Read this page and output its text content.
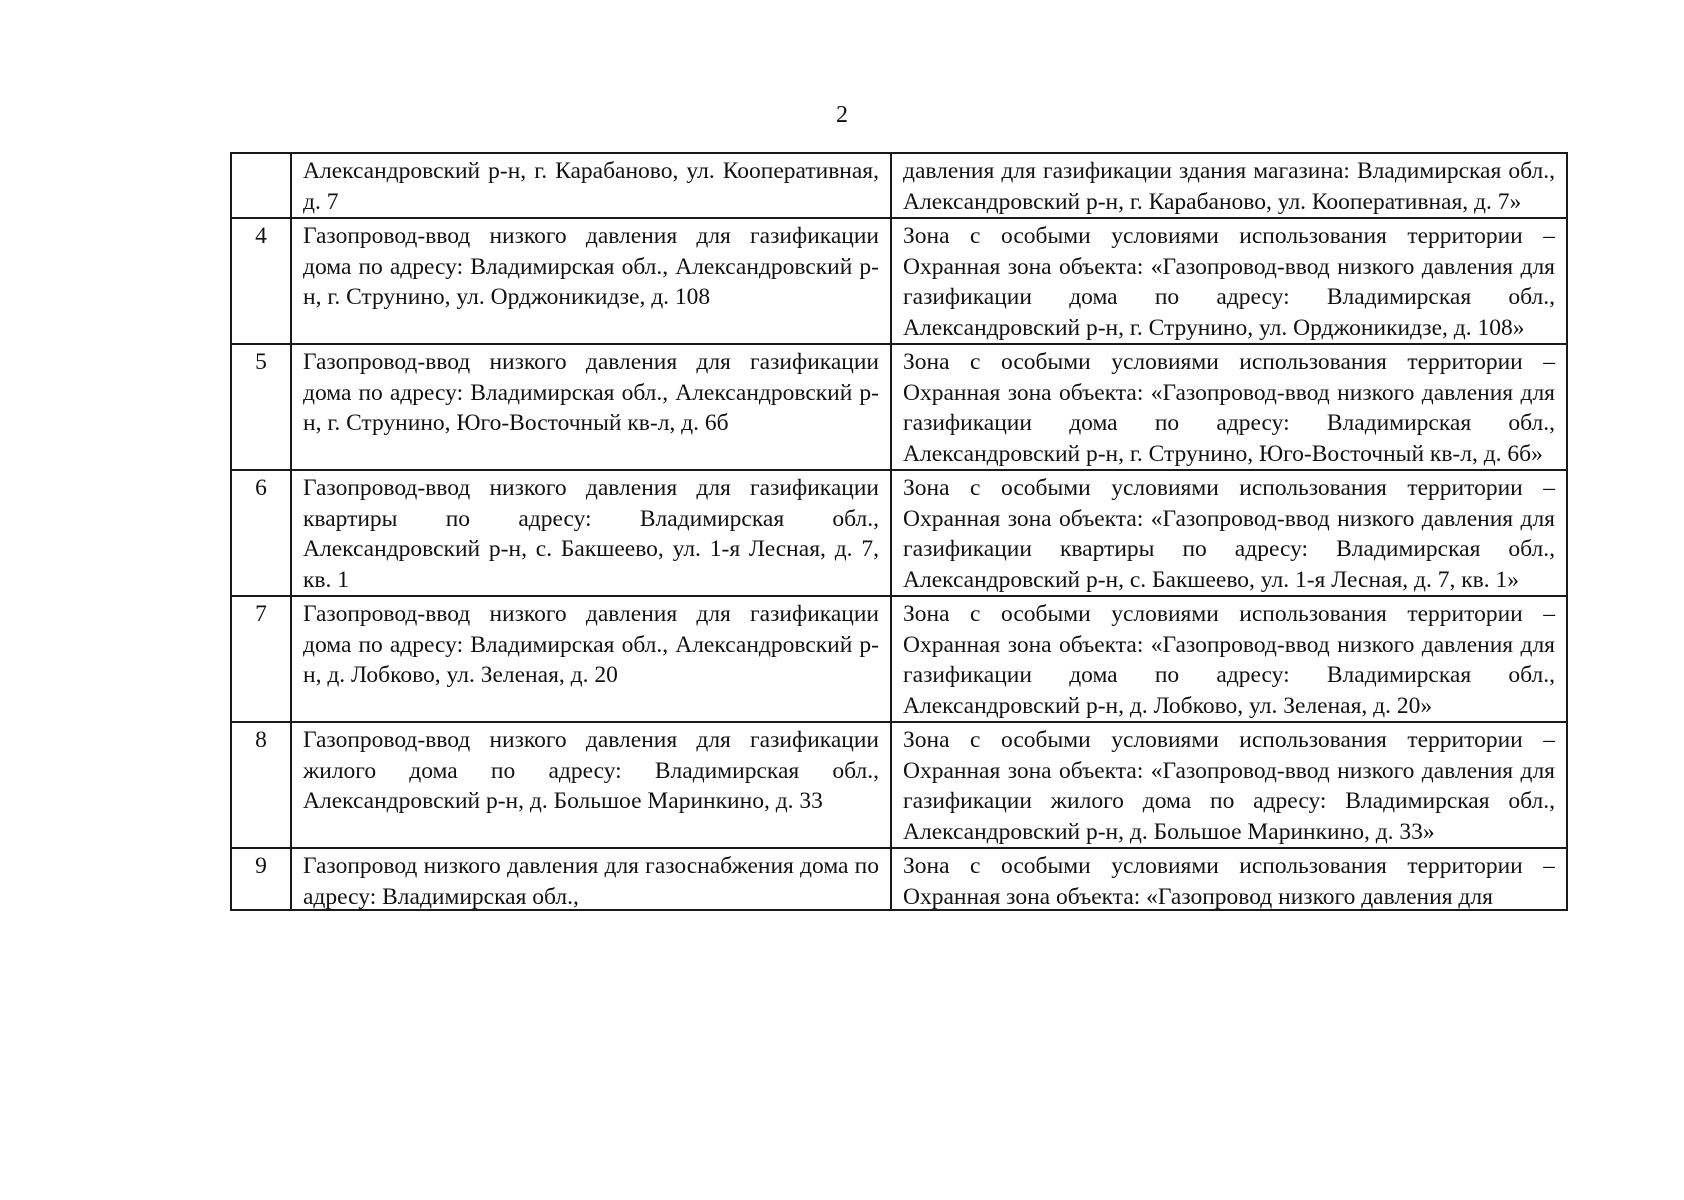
2
	Александровский р-н, г. Карабаново, ул. Кооперативная, д. 7	давления для газификации здания магазина: Владимирская обл., Александровский р-н, г. Карабаново, ул. Кооперативная, д. 7»
4	Газопровод-ввод низкого давления для газификации дома по адресу: Владимирская обл., Александровский р-н, г. Струнино, ул. Орджоникидзе, д. 108	Зона с особыми условиями использования территории – Охранная зона объекта: «Газопровод-ввод низкого давления для газификации дома по адресу: Владимирская обл., Александровский р-н, г. Струнино, ул. Орджоникидзе, д. 108»
5	Газопровод-ввод низкого давления для газификации дома по адресу: Владимирская обл., Александровский р-н, г. Струнино, Юго-Восточный кв-л, д. 6б	Зона с особыми условиями использования территории – Охранная зона объекта: «Газопровод-ввод низкого давления для газификации дома по адресу: Владимирская обл., Александровский р-н, г. Струнино, Юго-Восточный кв-л, д. 6б»
6	Газопровод-ввод низкого давления для газификации квартиры по адресу: Владимирская обл., Александровский р-н, с. Бакшеево, ул. 1-я Лесная, д. 7, кв. 1	Зона с особыми условиями использования территории – Охранная зона объекта: «Газопровод-ввод низкого давления для газификации квартиры по адресу: Владимирская обл., Александровский р-н, с. Бакшеево, ул. 1-я Лесная, д. 7, кв. 1»
7	Газопровод-ввод низкого давления для газификации дома по адресу: Владимирская обл., Александровский р-н, д. Лобково, ул. Зеленая, д. 20	Зона с особыми условиями использования территории – Охранная зона объекта: «Газопровод-ввод низкого давления для газификации дома по адресу: Владимирская обл., Александровский р-н, д. Лобково, ул. Зеленая, д. 20»
8	Газопровод-ввод низкого давления для газификации жилого дома по адресу: Владимирская обл., Александровский р-н, д. Большое Маринкино, д. 33	Зона с особыми условиями использования территории – Охранная зона объекта: «Газопровод-ввод низкого давления для газификации жилого дома по адресу: Владимирская обл., Александровский р-н, д. Большое Маринкино, д. 33»
9	Газопровод низкого давления для газоснабжения дома по адресу: Владимирская обл.,	Зона с особыми условиями использования территории – Охранная зона объекта: «Газопровод низкого давления для
